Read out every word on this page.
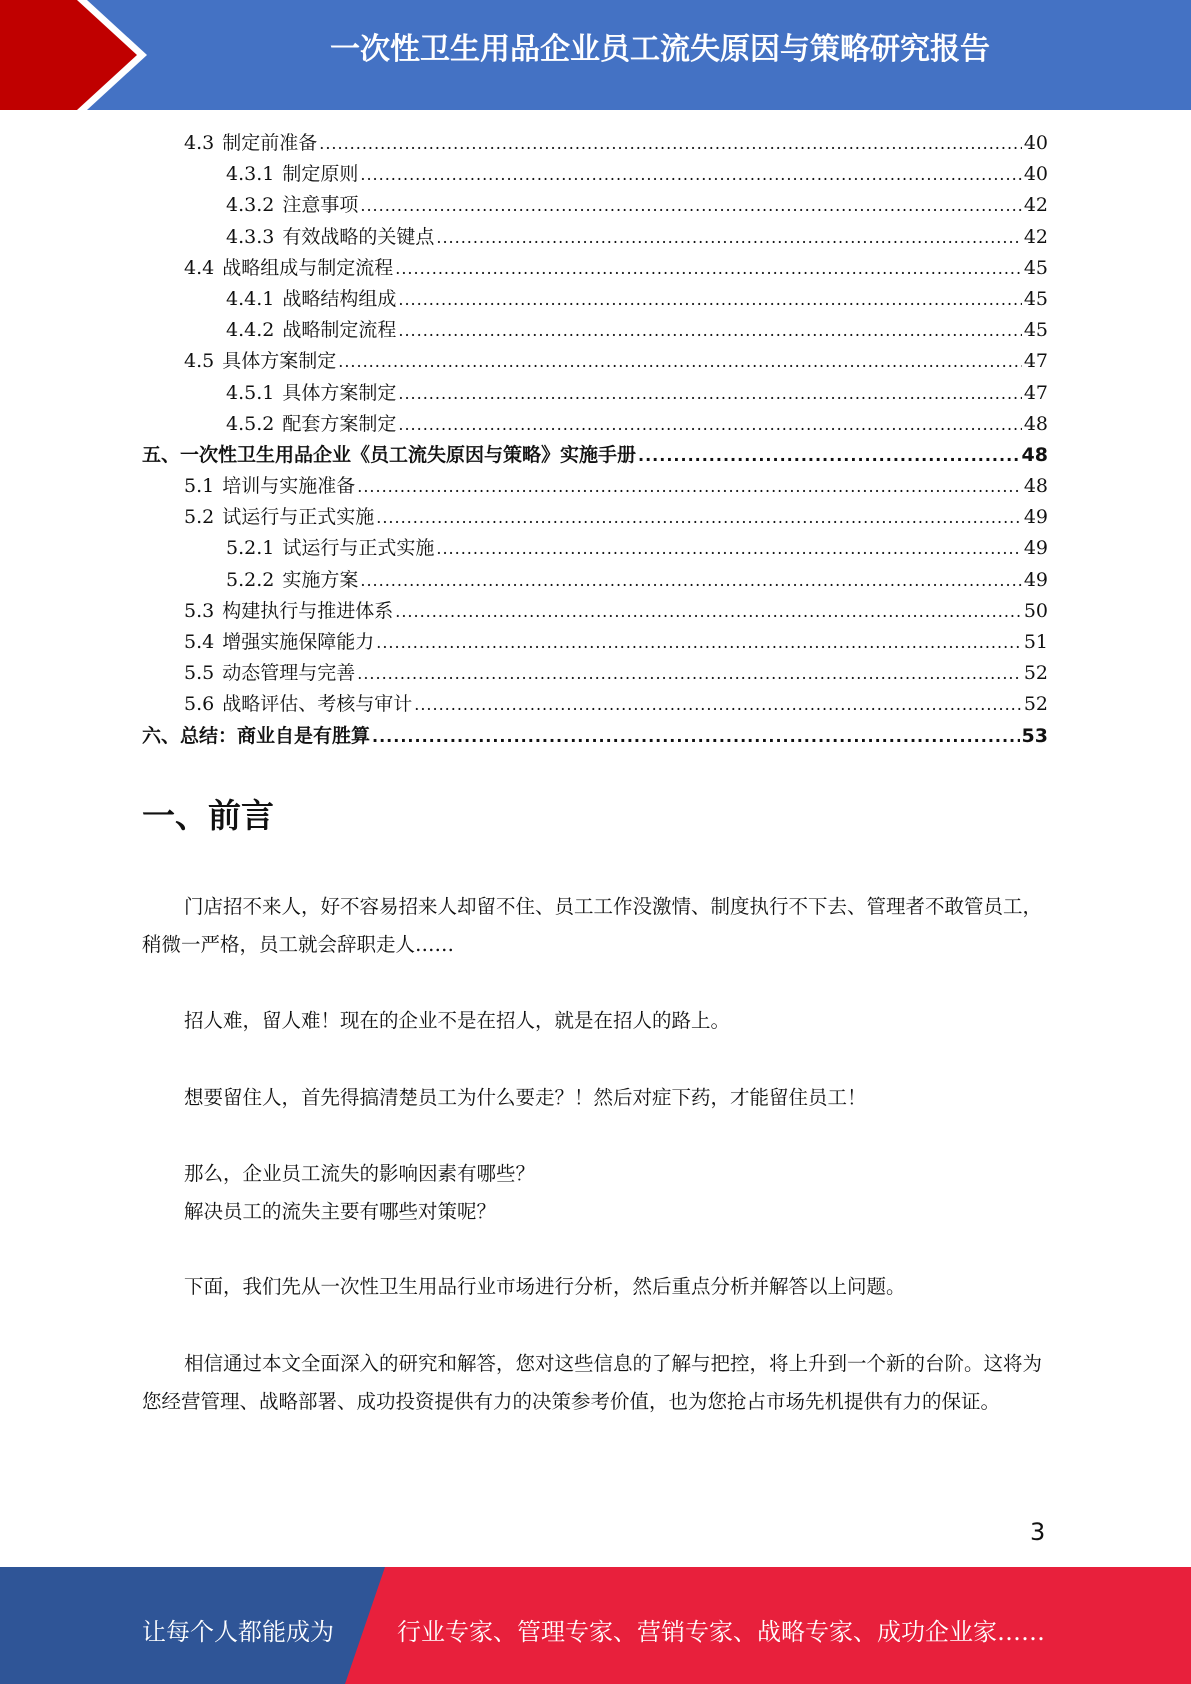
一次性卫生用品企业员工流失原因与策略研究报告
4.3 制定前准备 .....	40
4.3.1 制定原则 .....	40
4.3.2 注意事项 .....	42
4.3.3 有效战略的关键点 .....	42
4.4 战略组成与制定流程 .....	45
4.4.1 战略结构组成 .....	45
4.4.2 战略制定流程 .....	45
4.5 具体方案制定 .....	47
4.5.1 具体方案制定 .....	47
4.5.2 配套方案制定 .....	48
五、一次性卫生用品企业《员工流失原因与策略》实施手册 .....	48
5.1 培训与实施准备 .....	48
5.2 试运行与正式实施 .....	49
5.2.1 试运行与正式实施 .....	49
5.2.2 实施方案 .....	49
5.3 构建执行与推进体系 .....	50
5.4 增强实施保障能力 .....	51
5.5 动态管理与完善 .....	52
5.6 战略评估、考核与审计 .....	52
六、总结：商业自是有胜算 .....	53
一、前言

门店招不来人，好不容易招来人却留不住、员工工作没激情、制度执行不下去、管理者不敢管员工，稍微一严格，员工就会辞职走人……

招人难，留人难！现在的企业不是在招人，就是在招人的路上。

想要留住人，首先得搞清楚员工为什么要走？！然后对症下药，才能留住员工！

那么，企业员工流失的影响因素有哪些？

解决员工的流失主要有哪些对策呢？

下面，我们先从一次性卫生用品行业市场进行分析，然后重点分析并解答以上问题。

相信通过本文全面深入的研究和解答，您对这些信息的了解与把控，将上升到一个新的台阶。这将为您经营管理、战略部署、成功投资提供有力的决策参考价值，也为您抢占市场先机提供有力的保证。

3
让每个人都能成为	行业专家、管理专家、营销专家、战略专家、成功企业家……
